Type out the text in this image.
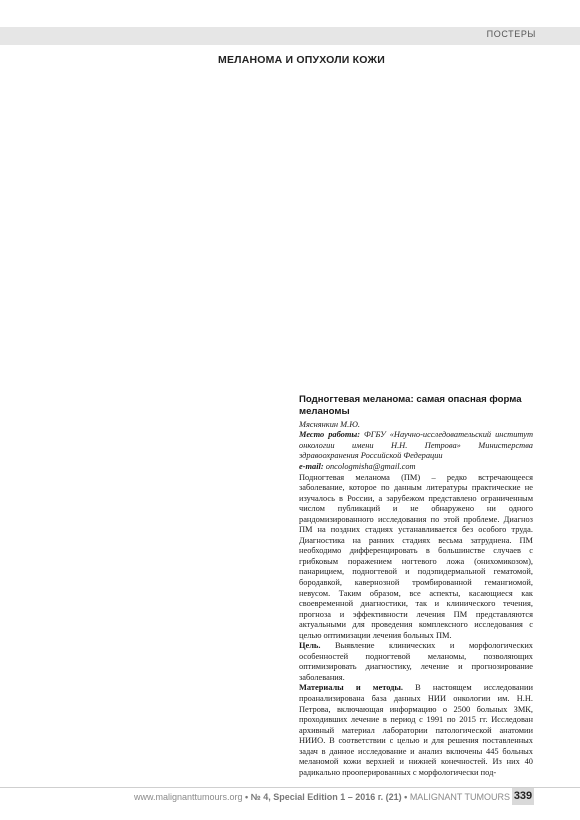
ПОСТЕРЫ
МЕЛАНОМА И ОПУХОЛИ КОЖИ
Подногтевая меланома: самая опасная форма меланомы
Мяснянкин М.Ю.

Место работы: ФГБУ «Научно-исследовательский институт онкологии имени Н.Н. Петрова» Министерства здравоохранения Российской Федерации

e-mail: oncologmisha@gmail.com

Подногтевая меланома (ПМ) – редко встречающееся заболевание, которое по данным литературы практические не изучалось в России, а зарубежом представлено ограниченным числом публикаций и не обнаружено ни одного рандомизированного исследования по этой проблеме. Диагноз ПМ на поздних стадиях устанавливается без особого труда. Диагностика на ранних стадиях весьма затруднена. ПМ необходимо дифференцировать в большинстве случаев с грибковым поражением ногтевого ложа (онихомикозом), панарицием, подногтевой и подэпидермальной гематомой, бородавкой, кавернозной тромбированной гемангиомой, невусом. Таким образом, все аспекты, касающиеся как своевременной диагностики, так и клинического течения, прогноза и эффективности лечения ПМ представляются актуальными для проведения комплексного исследования с целью оптимизации лечения больных ПМ.

Цель. Выявление клинических и морфологических особенностей подногтевой меланомы, позволяющих оптимизировать диагностику, лечение и прогнозирование заболевания.

Материалы и методы. В настоящем исследовании проанализирована база данных НИИ онкологии им. Н.Н. Петрова, включающая информацию о 2500 больных ЗМК, проходивших лечение в период с 1991 по 2015 гг. Исследован архивный материал лаборатории патологической анатомии НИИО. В соответствии с целью и для решения поставленных задач в данное исследование и анализ включены 445 больных меланомой кожи верхней и нижней конечностей. Из них 40 радикально прооперированных с морфологически под-

www.malignanttumours.org • № 4, Special Edition 1 – 2016 г. (21) • MALIGNANT TUMOURS 339
